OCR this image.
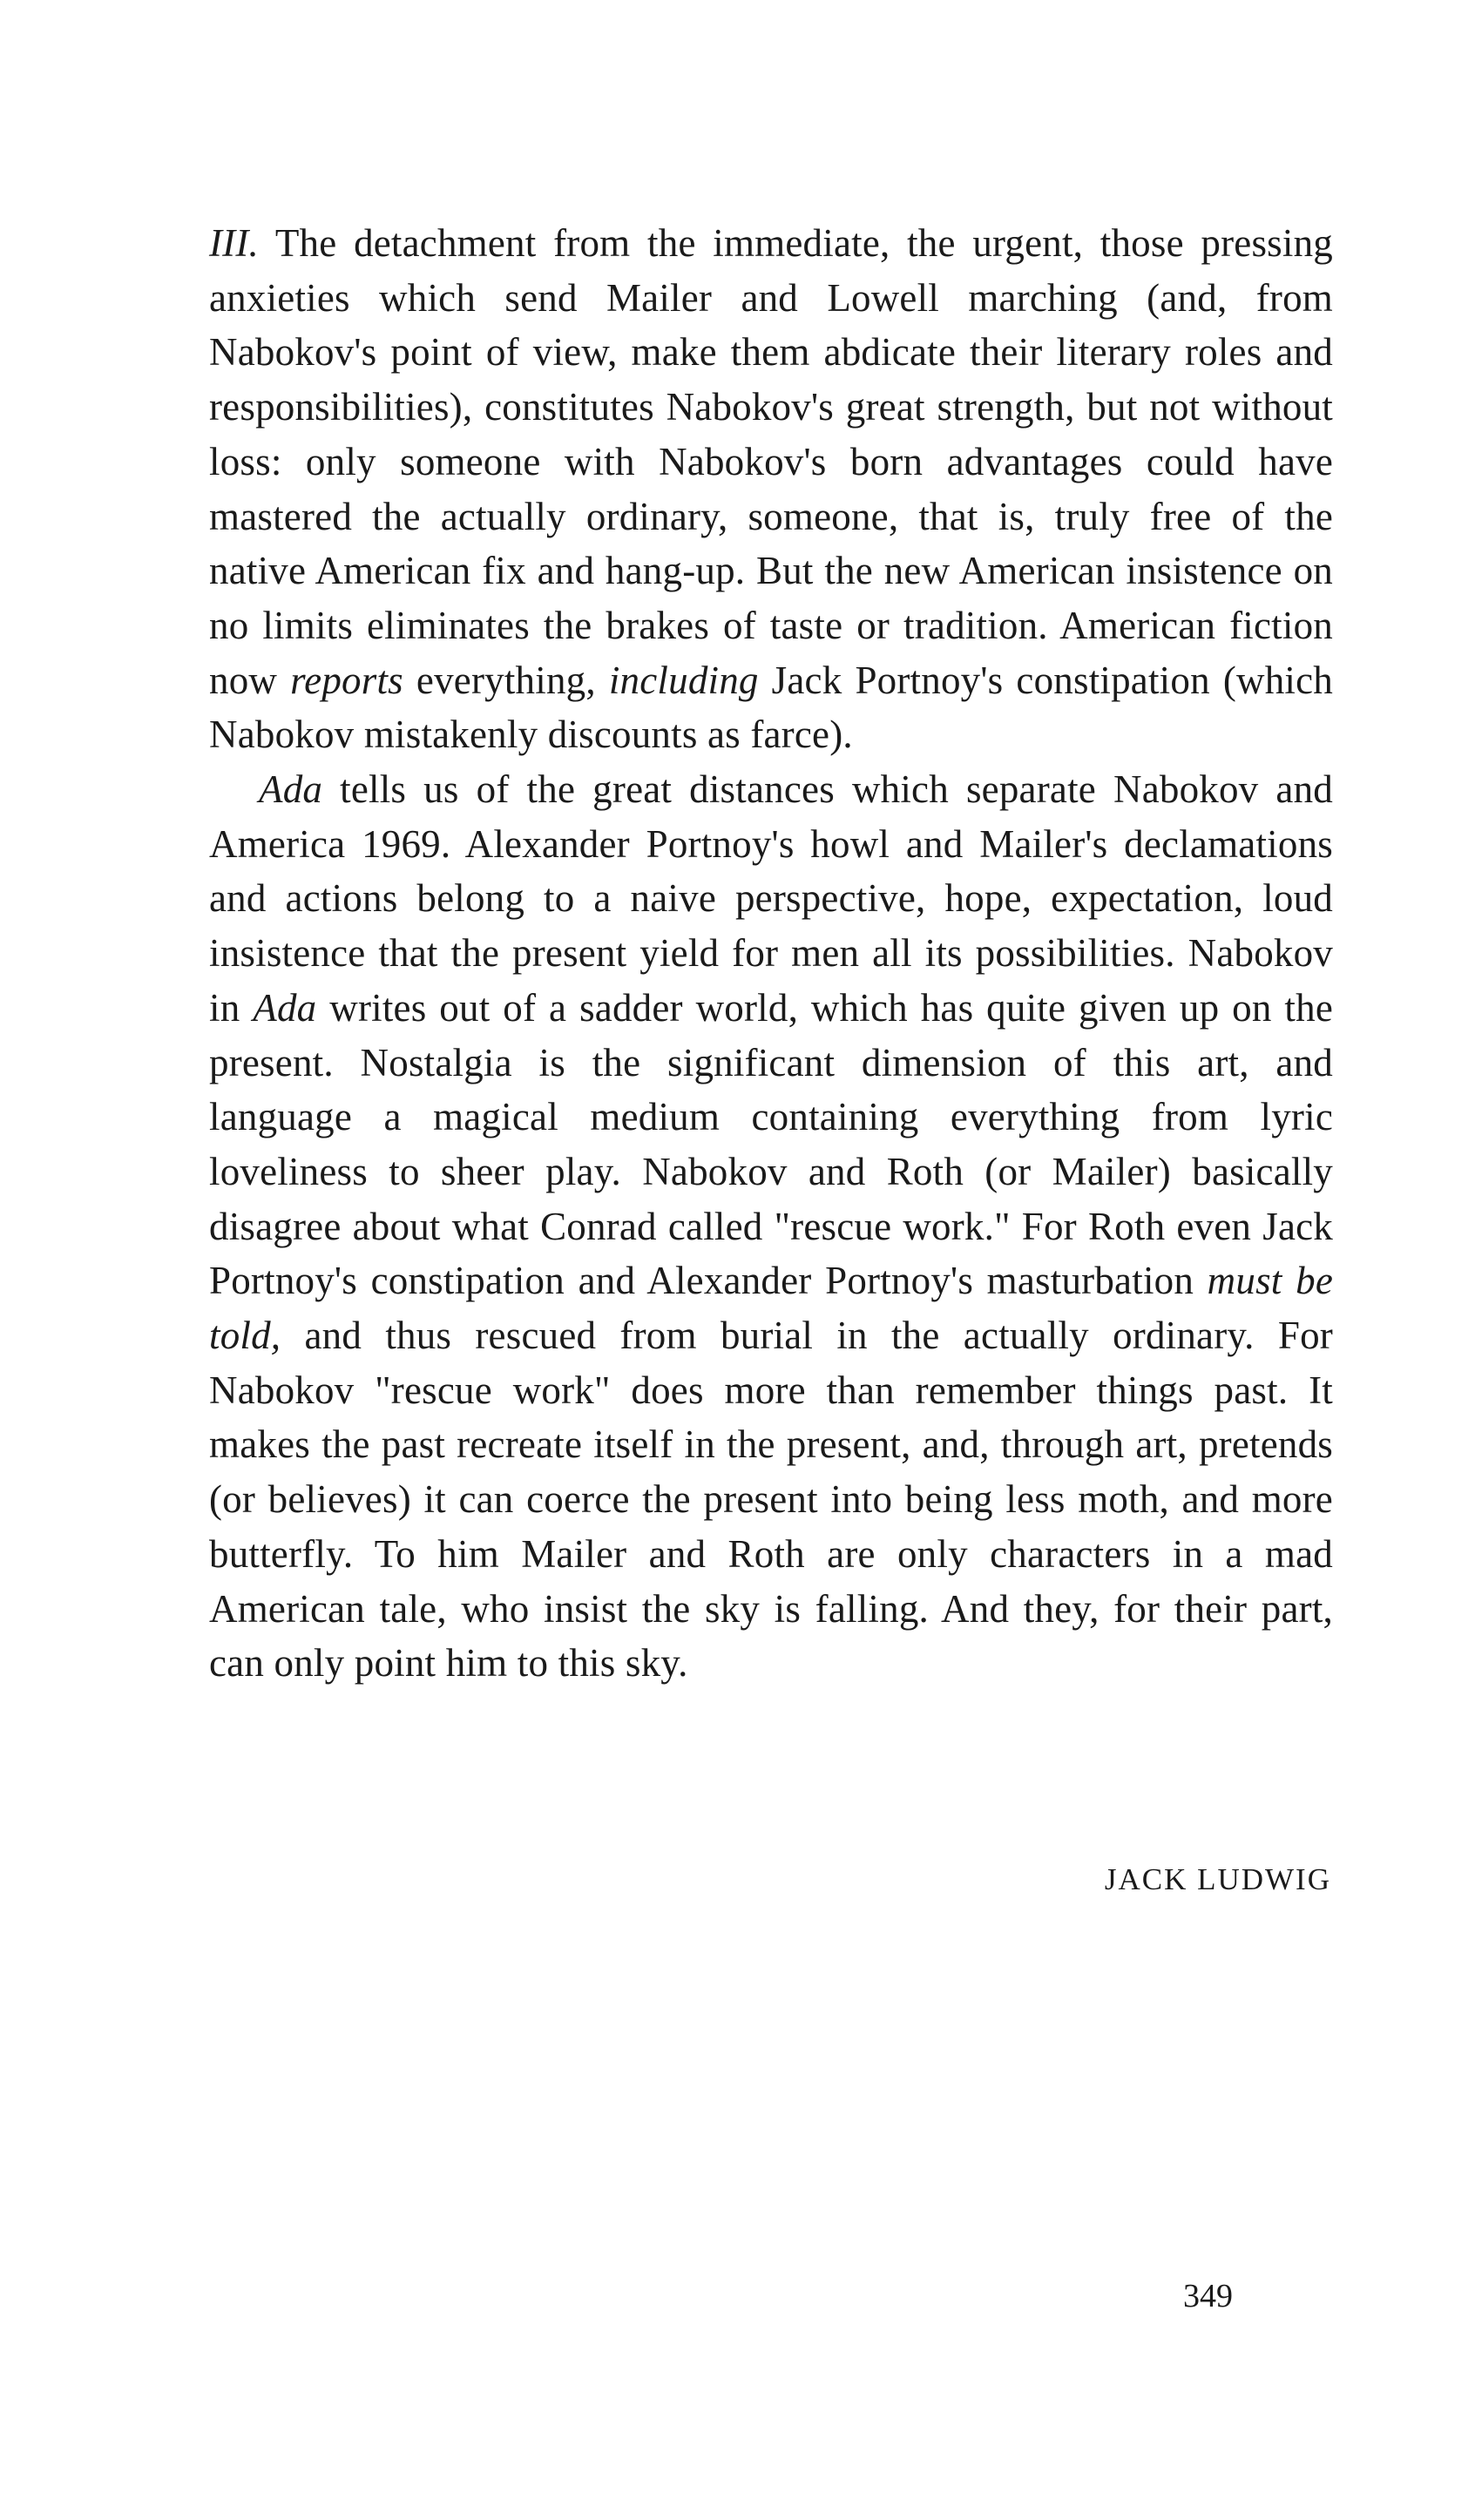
III. The detachment from the immediate, the urgent, those pressing anxieties which send Mailer and Lowell marching (and, from Nabokov's point of view, make them abdicate their literary roles and responsibilities), constitutes Nabokov's great strength, but not without loss: only someone with Nabokov's born advantages could have mastered the actually ordinary, someone, that is, truly free of the native American fix and hang-up. But the new American insistence on no limits eliminates the brakes of taste or tradition. American fiction now reports everything, including Jack Portnoy's constipation (which Nabokov mistakenly discounts as farce).

Ada tells us of the great distances which separate Nabokov and America 1969. Alexander Portnoy's howl and Mailer's declamations and actions belong to a naive perspective, hope, expectation, loud insistence that the present yield for men all its possibilities. Nabokov in Ada writes out of a sadder world, which has quite given up on the present. Nostalgia is the significant dimension of this art, and language a magical medium containing everything from lyric loveliness to sheer play. Nabokov and Roth (or Mailer) basically disagree about what Conrad called "rescue work." For Roth even Jack Portnoy's constipation and Alexander Portnoy's masturbation must be told, and thus rescued from burial in the actually ordinary. For Nabokov "rescue work" does more than remember things past. It makes the past recreate itself in the present, and, through art, pretends (or believes) it can coerce the present into being less moth, and more butterfly. To him Mailer and Roth are only characters in a mad American tale, who insist the sky is falling. And they, for their part, can only point him to this sky.

JACK LUDWIG

349
